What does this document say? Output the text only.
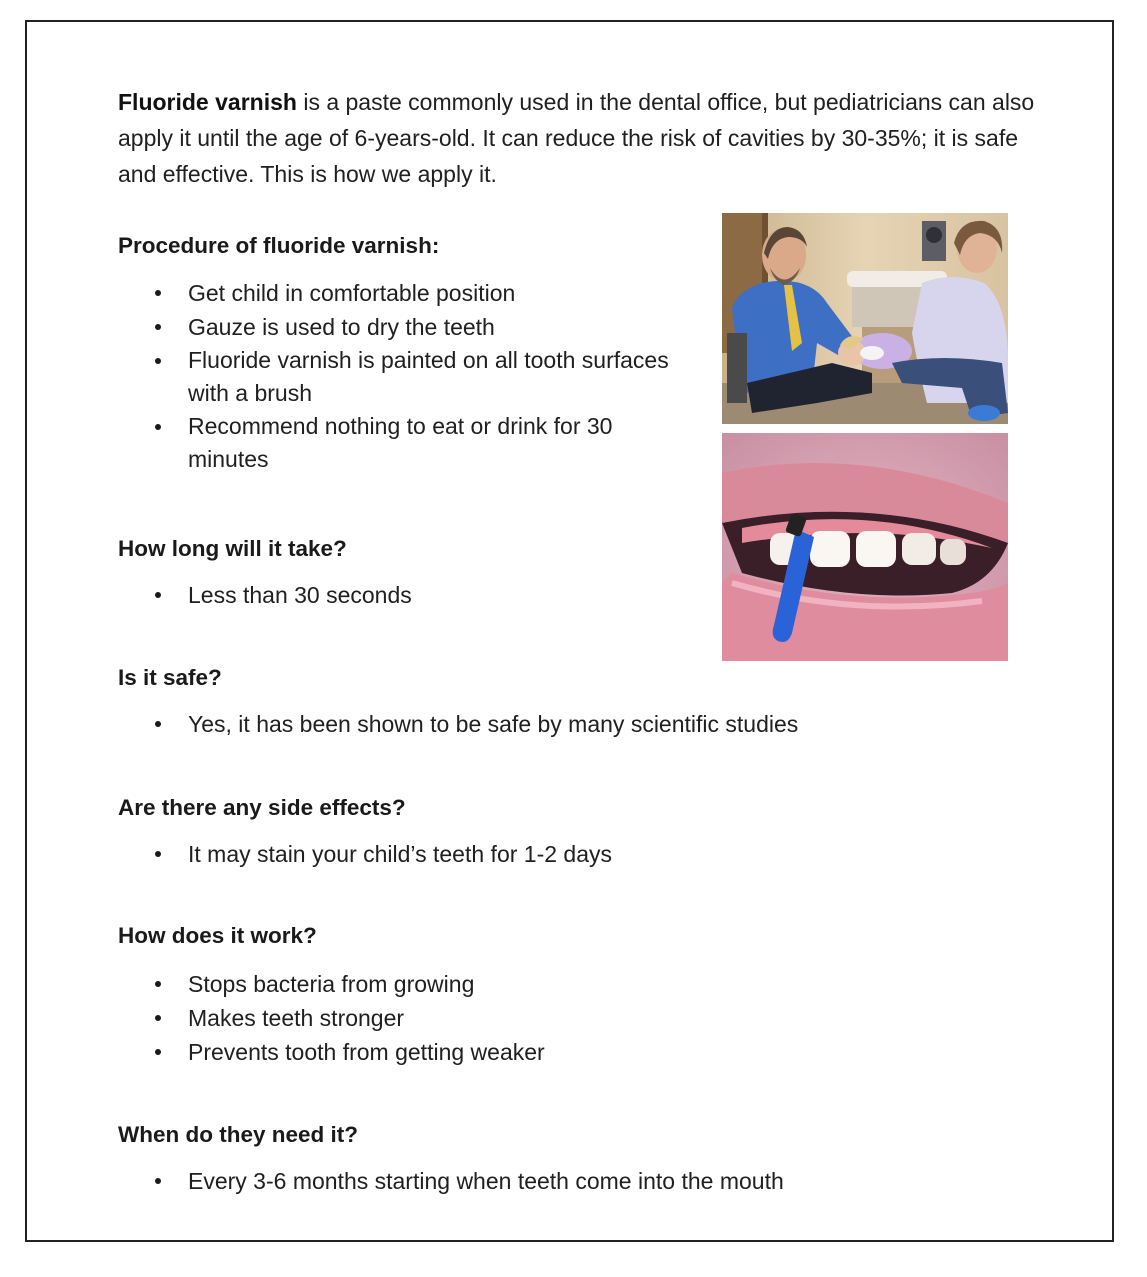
Fluoride varnish is a paste commonly used in the dental office, but pediatricians can also apply it until the age of 6-years-old. It can reduce the risk of cavities by 30-35%; it is safe and effective. This is how we apply it.

Procedure of fluoride varnish:
Get child in comfortable position
Gauze is used to dry the teeth
Fluoride varnish is painted on all tooth surfaces with a brush
Recommend nothing to eat or drink for 30 minutes
How long will it take?
Less than 30 seconds
Is it safe?
Yes, it has been shown to be safe by many scientific studies
Are there any side effects?
It may stain your child’s teeth for 1-2 days
How does it work?
Stops bacteria from growing
Makes teeth stronger
Prevents tooth from getting weaker
When do they need it?
Every 3-6 months starting when teeth come into the mouth
